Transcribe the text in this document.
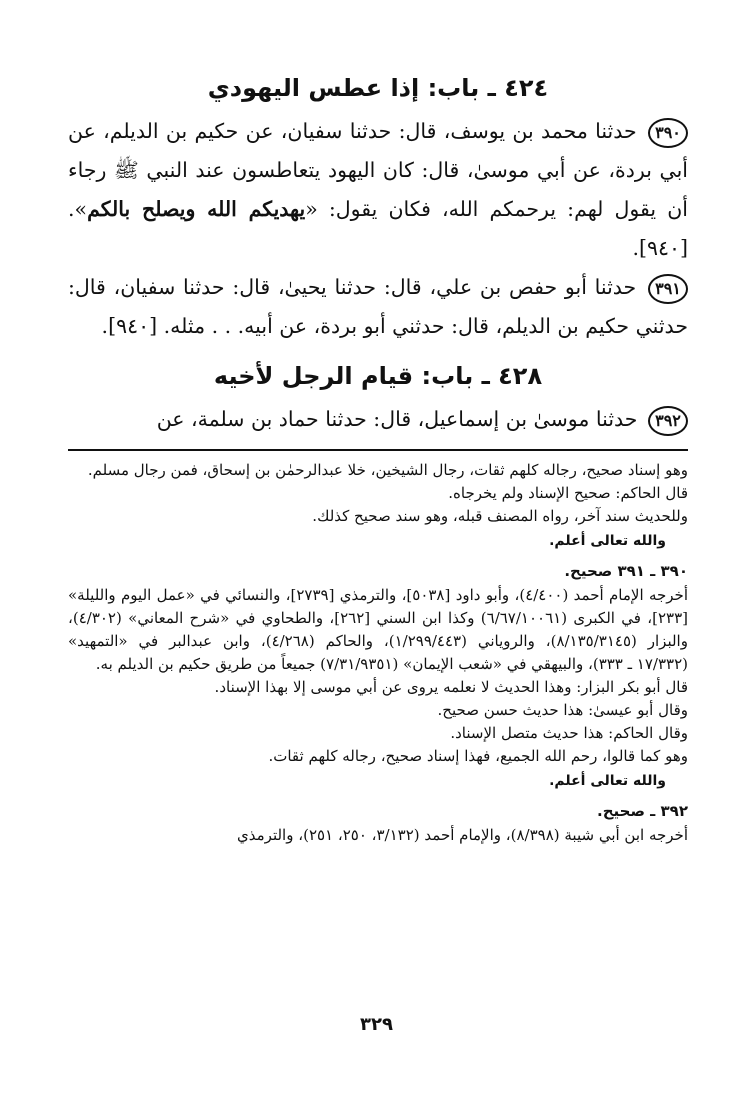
٤٢٤ ـ باب: إذا عطس اليهودي

٣٩٠ حدثنا محمد بن يوسف، قال: حدثنا سفيان، عن حكيم بن الديلم، عن أبي بردة، عن أبي موسىٰ، قال: كان اليهود يتعاطسون عند النبي ﷺ رجاء أن يقول لهم: يرحمكم الله، فكان يقول: «يهديكم الله ويصلح بالكم». [٩٤٠].

٣٩١ حدثنا أبو حفص بن علي، قال: حدثنا يحيىٰ، قال: حدثنا سفيان، قال: حدثني حكيم بن الديلم، قال: حدثني أبو بردة، عن أبيه. . . مثله. [٩٤٠].

٤٢٨ ـ باب: قيام الرجل لأخيه

٣٩٢ حدثنا موسىٰ بن إسماعيل، قال: حدثنا حماد بن سلمة، عن

وهو إسناد صحيح، رجاله كلهم ثقات، رجال الشيخين، خلا عبدالرحمٰن بن إسحاق، فمن رجال مسلم.

قال الحاكم: صحيح الإسناد ولم يخرجاه.

وللحديث سند آخر، رواه المصنف قبله، وهو سند صحيح كذلك.

والله تعالى أعلم.

٣٩٠ ـ ٣٩١ صحيح.

أخرجه الإمام أحمد (٤/٤٠٠)، وأبو داود [٥٠٣٨]، والترمذي [٢٧٣٩]، والنسائي في «عمل اليوم والليلة» [٢٣٣]، في الكبرى (٦/٦٧/١٠٠٦١) وكذا ابن السني [٢٦٢]، والطحاوي في «شرح المعاني» (٤/٣٠٢)، والبزار (٨/١٣٥/٣١٤٥)، والروياني (١/٢٩٩/٤٤٣)، والحاكم (٤/٢٦٨)، وابن عبدالبر في «التمهيد» (١٧/٣٣٢ ـ ٣٣٣)، والبيهقي في «شعب الإيمان» (٧/٣١/٩٣٥١) جميعاً من طريق حكيم بن الديلم به.

قال أبو بكر البزار: وهذا الحديث لا نعلمه يروى عن أبي موسى إلا بهذا الإسناد.

وقال أبو عيسىٰ: هذا حديث حسن صحيح.

وقال الحاكم: هذا حديث متصل الإسناد.

وهو كما قالوا، رحم الله الجميع، فهذا إسناد صحيح، رجاله كلهم ثقات.

والله تعالى أعلم.

٣٩٢ ـ صحيح.

أخرجه ابن أبي شيبة (٨/٣٩٨)، والإمام أحمد (٣/١٣٢، ٢٥٠، ٢٥١)، والترمذي

٣٢٩
